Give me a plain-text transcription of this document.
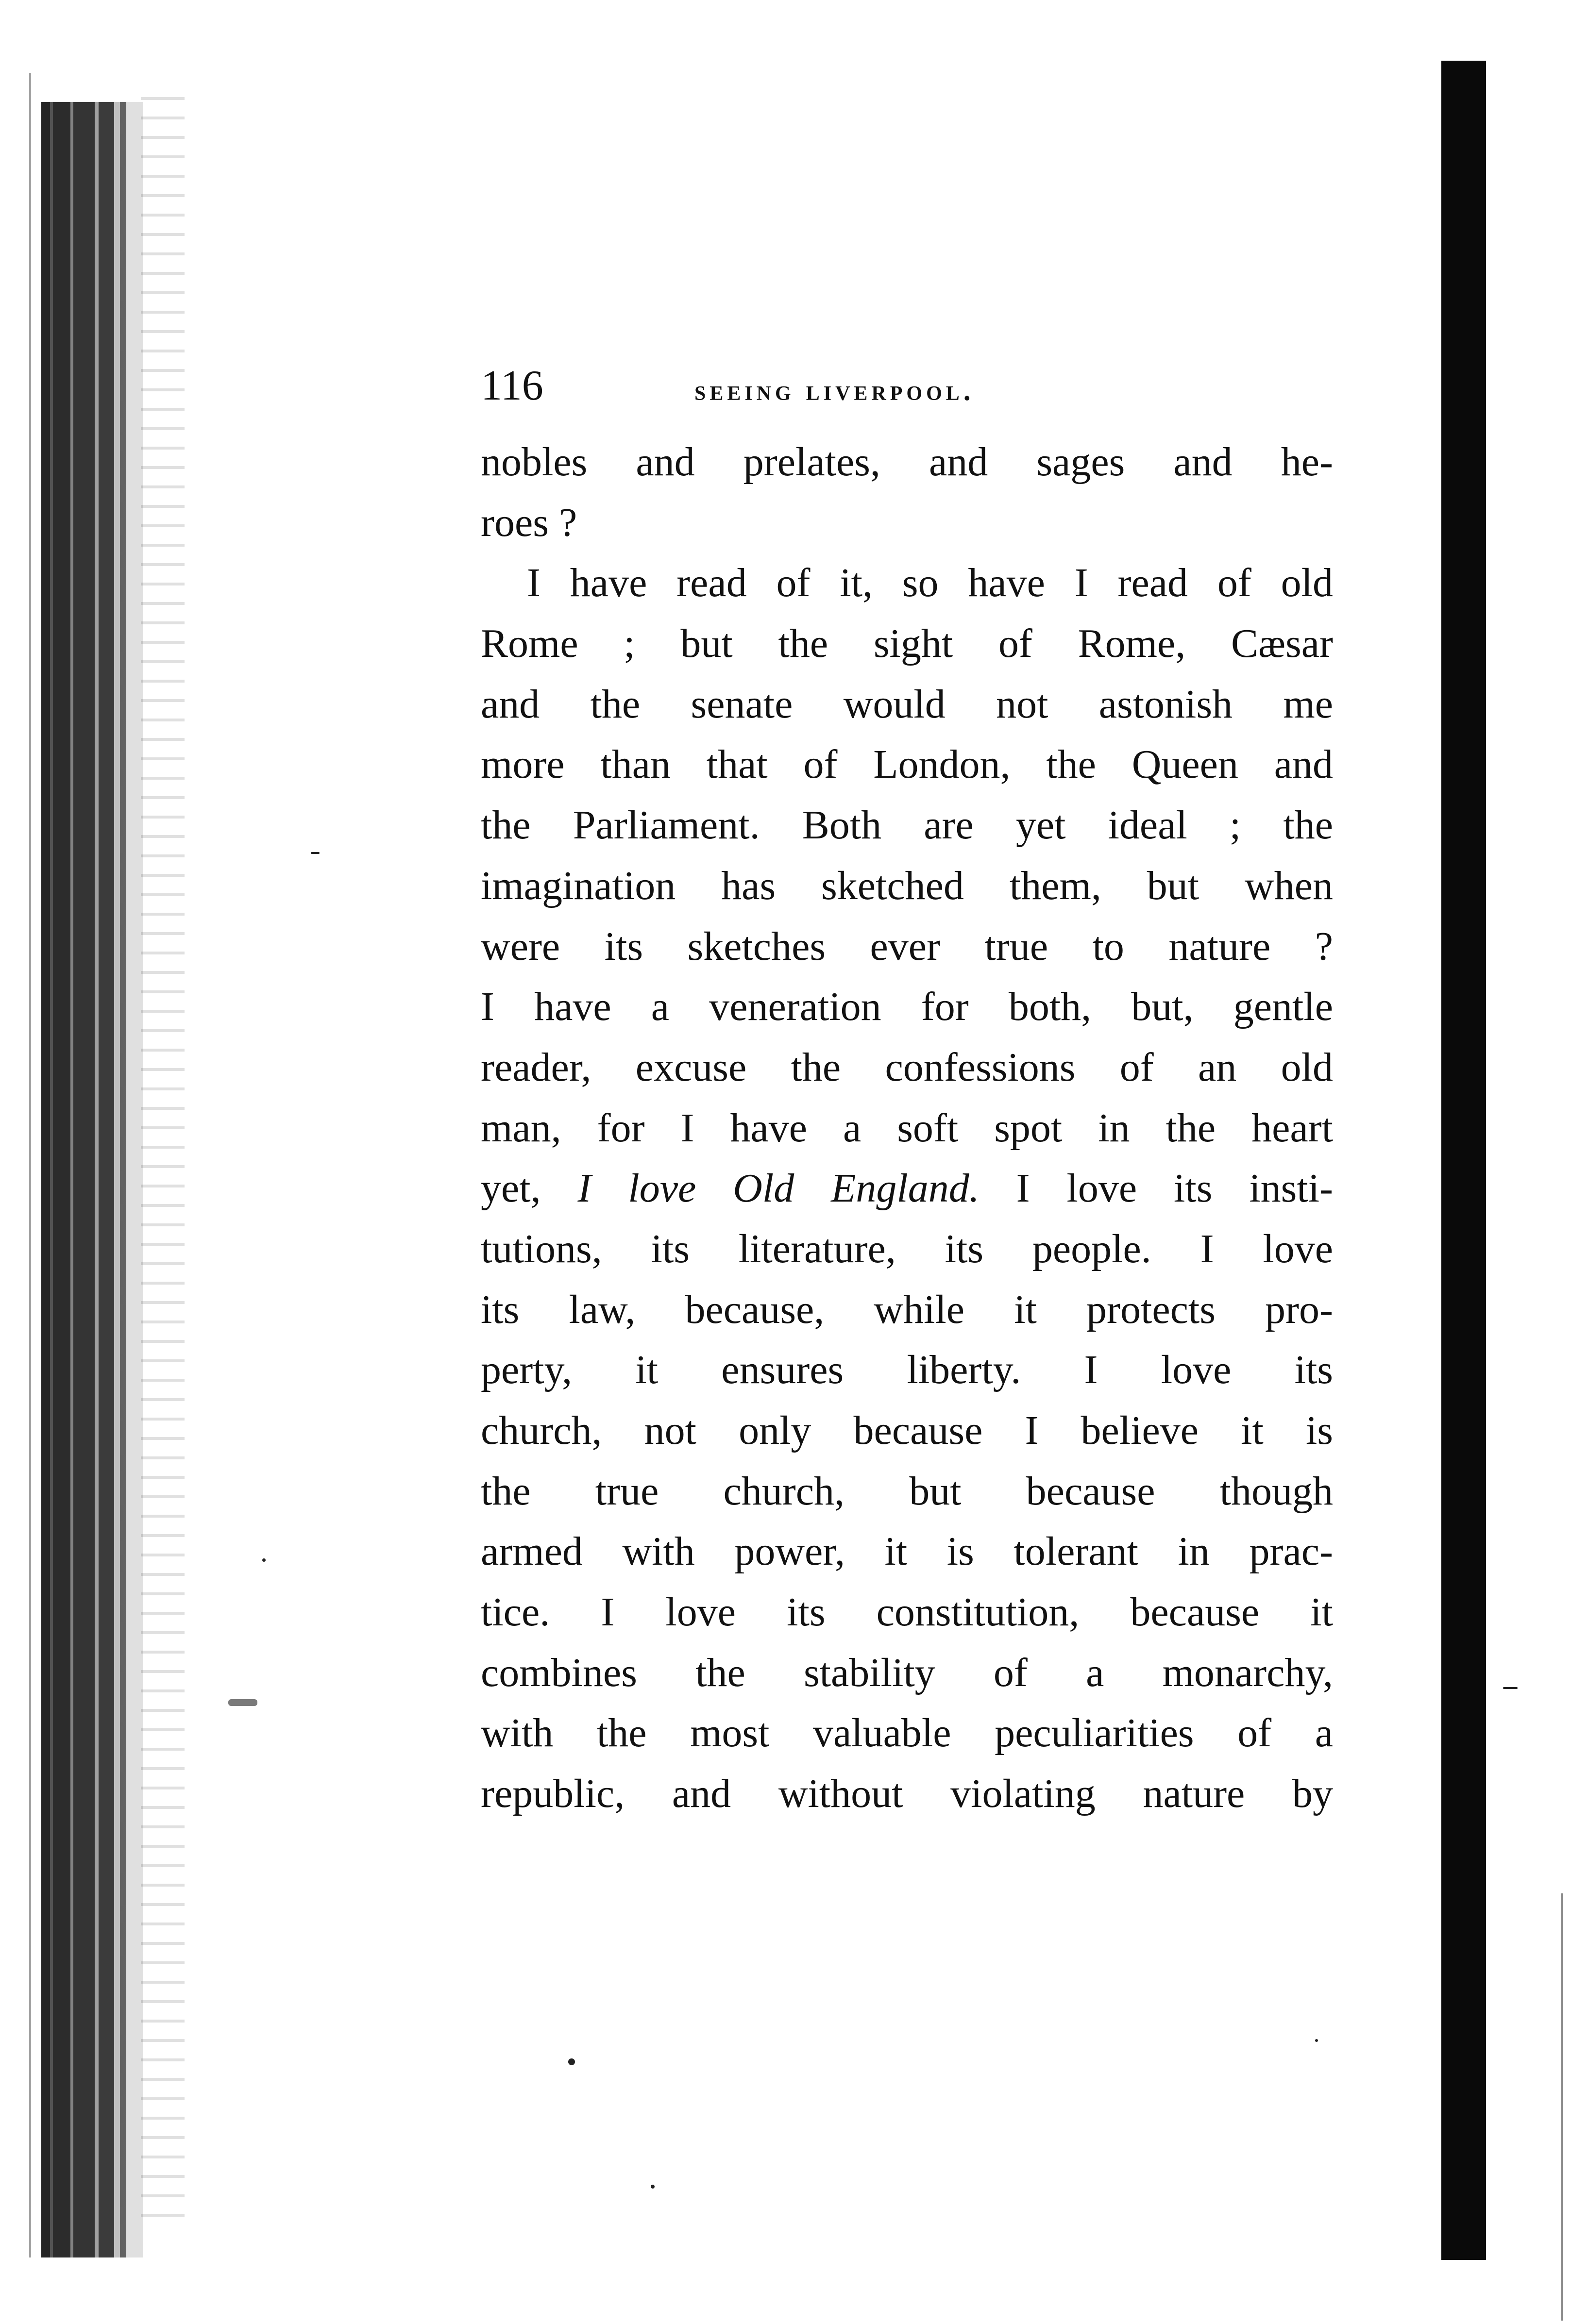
116	seeing liverpool.
nobles and prelates, and sages and he-
roes ?
I have read of it, so have I read of old
Rome ; but the sight of Rome, Cæsar
and the senate would not astonish me
more than that of London, the Queen and
the Parliament. Both are yet ideal ; the
imagination has sketched them, but when
were its sketches ever true to nature ?
I have a veneration for both, but, gentle
reader, excuse the confessions of an old
man, for I have a soft spot in the heart
yet, I love Old England. I love its insti-
tutions, its literature, its people. I love
its law, because, while it protects pro-
perty, it ensures liberty. I love its
church, not only because I believe it is
the true church, but because though
armed with power, it is tolerant in prac-
tice. I love its constitution, because it
combines the stability of a monarchy,
with the most valuable peculiarities of a
republic, and without violating nature by
